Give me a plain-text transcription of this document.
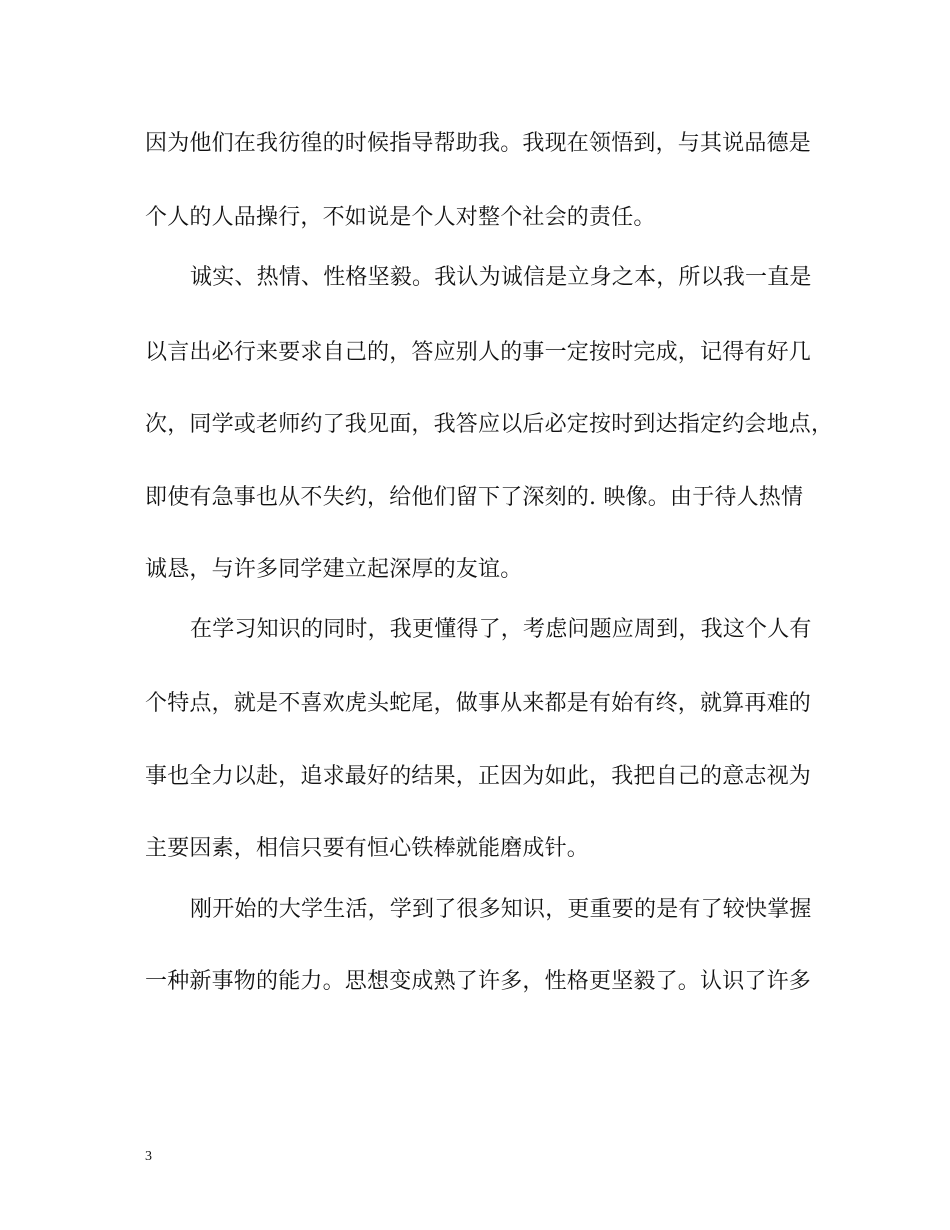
因为他们在我彷徨的时候指导帮助我。我现在领悟到，与其说品德是
个人的人品操行，不如说是个人对整个社会的责任。
诚实、热情、性格坚毅。我认为诚信是立身之本，所以我一直是
以言出必行来要求自己的，答应别人的事一定按时完成，记得有好几
次，同学或老师约了我见面，我答应以后必定按时到达指定约会地点，
即使有急事也从不失约，给他们留下了深刻的. 映像。由于待人热情
诚恳，与许多同学建立起深厚的友谊。
在学习知识的同时，我更懂得了，考虑问题应周到，我这个人有
个特点，就是不喜欢虎头蛇尾，做事从来都是有始有终，就算再难的
事也全力以赴，追求最好的结果，正因为如此，我把自己的意志视为
主要因素，相信只要有恒心铁棒就能磨成针。
刚开始的大学生活，学到了很多知识，更重要的是有了较快掌握
一种新事物的能力。思想变成熟了许多，性格更坚毅了。认识了许多
3
